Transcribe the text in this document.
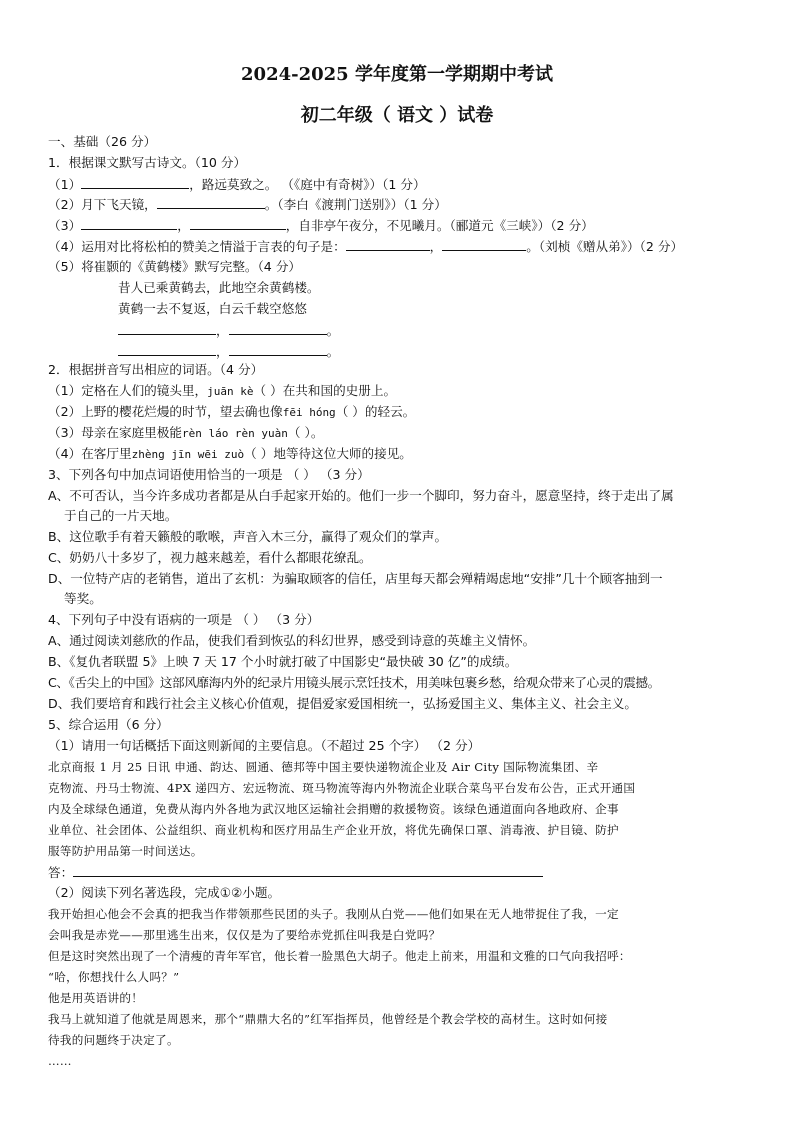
2024-2025 学年度第一学期期中考试
初二年级（ 语文 ）试卷
一、基础（26 分）
1．根据课文默写古诗文。（10 分）
（1）	，路远莫致之。 （《庭中有奇树》）（1 分）
（2）月下飞天镜，	。（李白《渡荆门送别》）（1 分）
（3）	，	，自非亭午夜分，不见曦月。（郦道元《三峡》）（2 分）
（4）运用对比将松柏的赞美之情溢于言表的句子是：	，	。（刘桢《赠从弟》）（2 分）
（5）将崔颢的《黄鹤楼》默写完整。（4 分）
昔人已乘黄鹤去，此地空余黄鹤楼。
黄鹤一去不复返，白云千载空悠悠
，	。
，	。
2．根据拼音写出相应的词语。（4 分）
（1）定格在人们的镜头里，juān kè（ ）在共和国的史册上。
（2）上野的樱花烂熳的时节，望去确也像fēi hóng（ ）的轻云。
（3）母亲在家庭里极能rèn láo rèn yuàn（ ）。
（4）在客厅里zhèng jīn wēi zuò（ ）地等待这位大师的接见。
3、下列各句中加点词语使用恰当的一项是 （ ） （3 分）
A、不可否认，当今许多成功者都是从白手起家开始的。他们一步一个脚印，努力奋斗，愿意坚持，终于走出了属
于自己的一片天地。
B、这位歌手有着天籁般的歌喉，声音入木三分，赢得了观众们的掌声。
C、奶奶八十多岁了，视力越来越差，看什么都眼花缭乱。
D、一位特产店的老销售，道出了玄机：为骗取顾客的信任，店里每天都会殚精竭虑地“安排”几十个顾客抽到一
等奖。
4、下列句子中没有语病的一项是 （ ） （3 分）
A、通过阅读刘慈欣的作品，使我们看到恢弘的科幻世界，感受到诗意的英雄主义情怀。
B、《复仇者联盟 5》上映 7 天 17 个小时就打破了中国影史“最快破 30 亿”的成绩。
C、《舌尖上的中国》这部风靡海内外的纪录片用镜头展示烹饪技术，用美味包裹乡愁，给观众带来了心灵的震撼。
D、我们要培育和践行社会主义核心价值观，提倡爱家爱国相统一，弘扬爱国主义、集体主义、社会主义。
5、综合运用（6 分）
（1）请用一句话概括下面这则新闻的主要信息。（不超过 25 个字） （2 分）
北京商报 1 月 25 日讯 申通、韵达、圆通、德邦等中国主要快递物流企业及 Air City 国际物流集团、辛
克物流、丹马士物流、4PX 递四方、宏远物流、斑马物流等海内外物流企业联合菜鸟平台发布公告，正式开通国
内及全球绿色通道，免费从海内外各地为武汉地区运输社会捐赠的救援物资。该绿色通道面向各地政府、企事
业单位、社会团体、公益组织、商业机构和医疗用品生产企业开放，将优先确保口罩、消毒液、护目镜、防护
服等防护用品第一时间送达。
答：
（2）阅读下列名著选段，完成①②小题。
我开始担心他会不会真的把我当作带领那些民团的头子。我刚从白党——他们如果在无人地带捉住了我，一定
会叫我是赤党——那里逃生出来，仅仅是为了要给赤党抓住叫我是白党吗？
但是这时突然出现了一个清瘦的青年军官，他长着一脸黑色大胡子。他走上前来，用温和文雅的口气向我招呼：
“哈，你想找什么人吗？”
他是用英语讲的！
我马上就知道了他就是周恩来，那个“鼎鼎大名的”红军指挥员，他曾经是个教会学校的高材生。这时如何接
待我的问题终于决定了。
……
